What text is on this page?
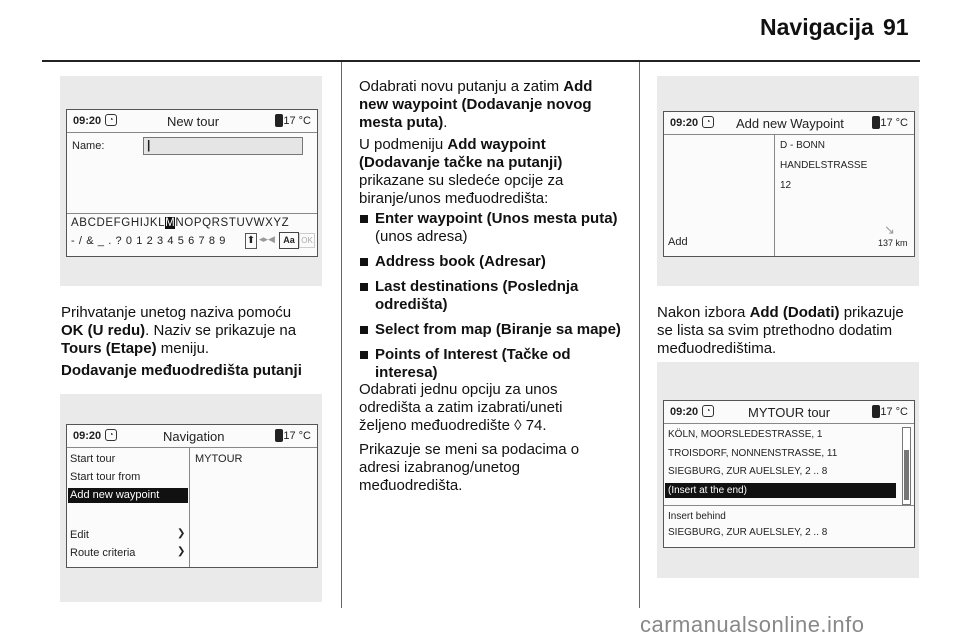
Navigacija 91
09:20 ◔	New tour	17 °C
Name:	|
ABCDEFGHIJKLMNOPQRSTUVWXYZ
- / & _ . ? 0 1 2 3 4 5 6 7 8 9 ⬆ ◂▸◀ Aa OK
Prihvatanje unetog naziva pomoću
OK (U redu). Naziv se prikazuje na
Tours (Etape) meniju.
Dodavanje međuodredišta putanji
09:20 ◔	Navigation	17 °C
Start tour
Start tour from
Add new waypoint
Edit	❯
Route criteria	❯
MYTOUR
Odabrati novu putanju a zatim Add
new waypoint (Dodavanje novog
mesta puta).
U podmeniju Add waypoint
(Dodavanje tačke na putanji)
prikazane su sledeće opcije za
biranje/unos međuodredišta:
Enter waypoint (Unos mesta puta)
(unos adresa)
Address book (Adresar)
Last destinations (Poslednja odredišta)
Select from map (Biranje sa mape)
Points of Interest (Tačke od interesa)
Odabrati jednu opciju za unos
odredišta a zatim izabrati/uneti
željeno međuodredište ◊ 74.
Prikazuje se meni sa podacima o
adresi izabranog/unetog
međuodredišta.
09:20 ◔ Add new Waypoint	17 °C
D - BONN
HANDELSTRASSE
12
Add
↘
137 km
Nakon izbora Add (Dodati) prikazuje
se lista sa svim ptrethodno dodatim
međuodredištima.
09:20 ◔	MYTOUR tour	17 °C
KÖLN, MOORSLEDESTRASSE, 1
TROISDORF, NONNENSTRASSE, 11
SIEGBURG, ZUR AUELSLEY, 2 .. 8
(Insert at the end)
Insert behind
SIEGBURG, ZUR AUELSLEY, 2 .. 8
carmanualsonline.info
